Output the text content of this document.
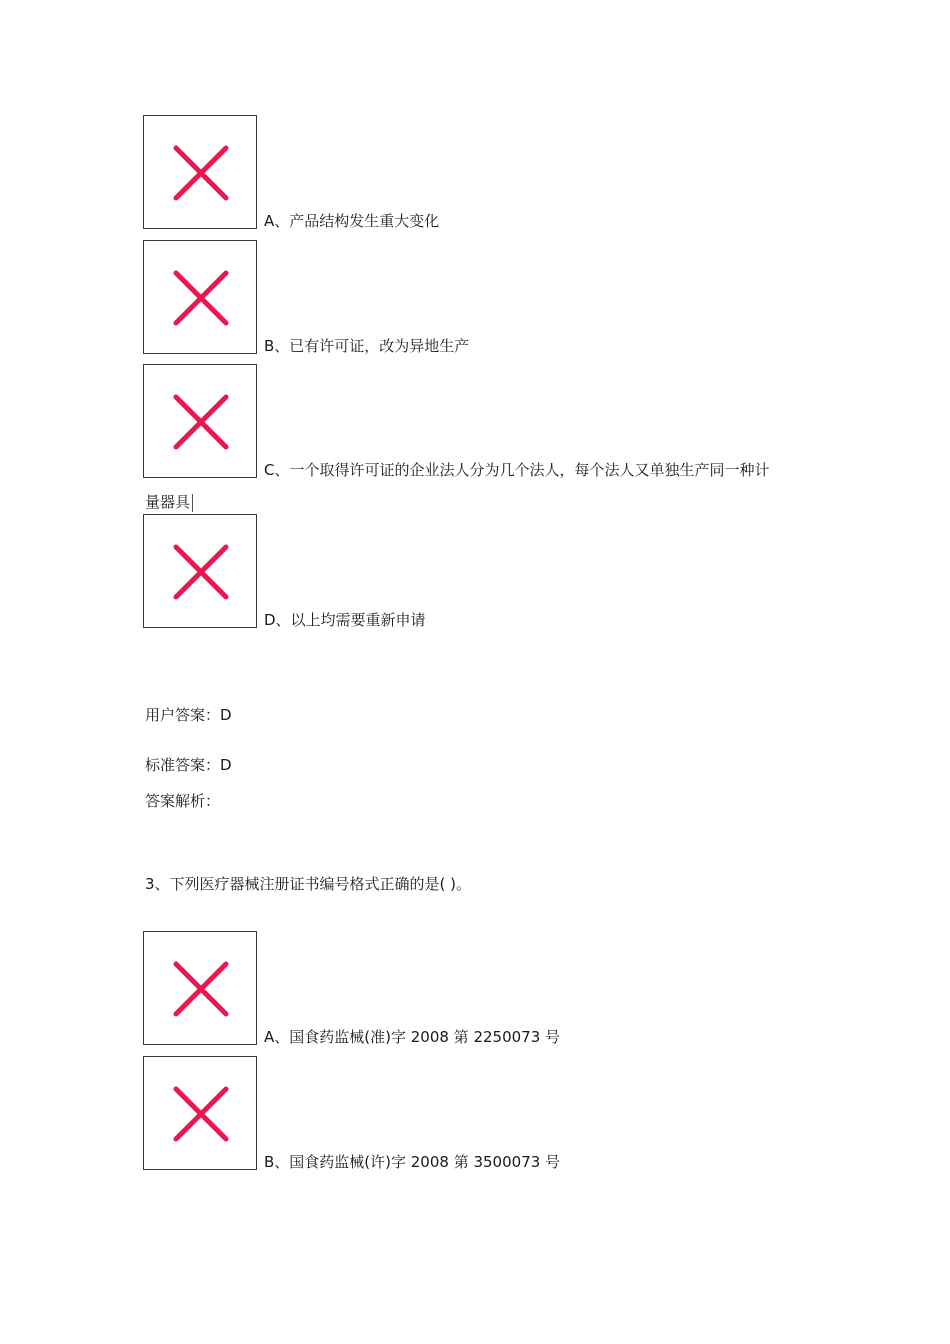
A、产品结构发生重大变化
B、已有许可证，改为异地生产
C、一个取得许可证的企业法人分为几个法人，每个法人又单独生产同一种计
量器具
D、以上均需要重新申请
用户答案：D
标准答案：D
答案解析：
3、下列医疗器械注册证书编号格式正确的是( )。
A、国食药监械(准)字 2008 第 2250073 号
B、国食药监械(许)字 2008 第 3500073 号
